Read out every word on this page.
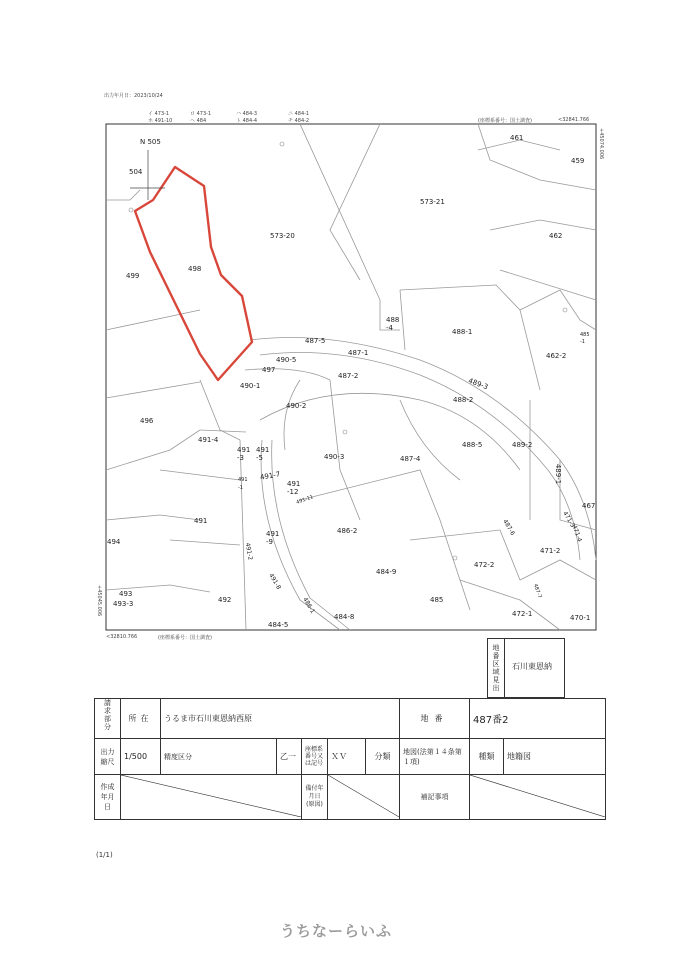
出力年月日：2023/10/24
イ 473-1	ロ 473-1	ハ 484-3	ニ 484-1
ホ 491-10	ヘ 484	ト 484-4	チ 484-2	(座標系番号：国土調査)	<32841.766
+45074.006
N 505
504
498
499
573-20
573-21
461
459
462
488-1
488
-4
462-2
485
-1
487-5
490-5
487-1
497
487-2
490-1	489-3
488-2
490-2
496
491-4
488-5	489-2
491
-3
491
-5	490-3	487-4
491-7
491
-1	491
-12
489-1
467
491-11
491
486-2	487-6	471-3
491
-9
494
491-2	471-2
471-4
484-9
472-2
491-8
493
493-3	492	486-1	485
472-1	470-1
484-8
484-5
487-7
<32810.766	(座標系番号：国土調査)
+45045.006
地番区域見出	石川東恩納
請求部分	所在	うるま市石川東恩納西原					地番	487番2	
出力縮尺	1/500	精度区分	乙一	座標系番号又は記号	ＸＶ	分類	地図(法第１４条第１項)	種類	地籍図
作成年月日				備付年月日(原図)			補記事項	
(1/1)
うちなーらいふ
